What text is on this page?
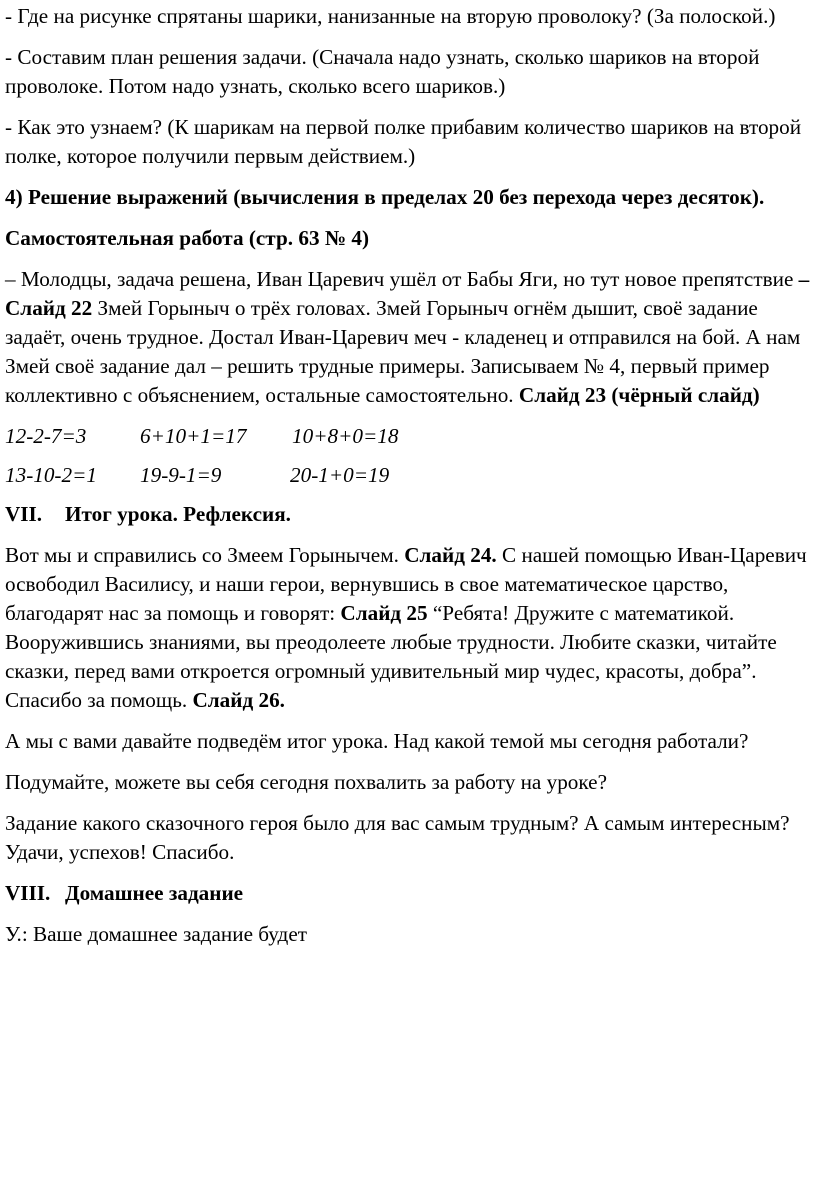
- Где на рисунке спрятаны шарики, нанизанные на вторую проволоку? (За полоской.)

- Составим план решения задачи. (Сначала надо узнать, сколько шариков на второй проволоке. Потом надо узнать, сколько всего шариков.)

- Как это узнаем? (К шарикам на первой полке прибавим количество шариков на второй полке, которое получили первым действием.)

4) Решение выражений (вычисления в пределах 20 без перехода через десяток).

Самостоятельная работа (стр. 63 № 4)

– Молодцы, задача решена, Иван Царевич ушёл от Бабы Яги, но тут новое препятствие – Слайд 22 Змей Горыныч о трёх головах. Змей Горыныч огнём дышит, своё задание задаёт, очень трудное. Достал Иван-Царевич меч - кладенец и отправился на бой. А нам Змей своё задание дал – решить трудные примеры. Записываем № 4, первый пример коллективно с объяснением, остальные самостоятельно. Слайд 23 (чёрный слайд)

12-2-7=3	6+10+1=17 10+8+0=18

13-10-2=1 19-9-1=9	20-1+0=19

VII. Итог урока. Рефлексия.

Вот мы и справились со Змеем Горынычем. Слайд 24. С нашей помощью Иван-Царевич освободил Василису, и наши герои, вернувшись в свое математическое царство, благодарят нас за помощь и говорят: Слайд 25 “Ребята! Дружите с математикой. Вооружившись знаниями, вы преодолеете любые трудности. Любите сказки, читайте сказки, перед вами откроется огромный удивительный мир чудес, красоты, добра”. Спасибо за помощь. Слайд 26.

А мы с вами давайте подведём итог урока. Над какой темой мы сегодня работали?

Подумайте, можете вы себя сегодня похвалить за работу на уроке?

Задание какого сказочного героя было для вас самым трудным? А самым интересным? Удачи, успехов! Спасибо.

VIII. Домашнее задание

У.: Ваше домашнее задание будет
